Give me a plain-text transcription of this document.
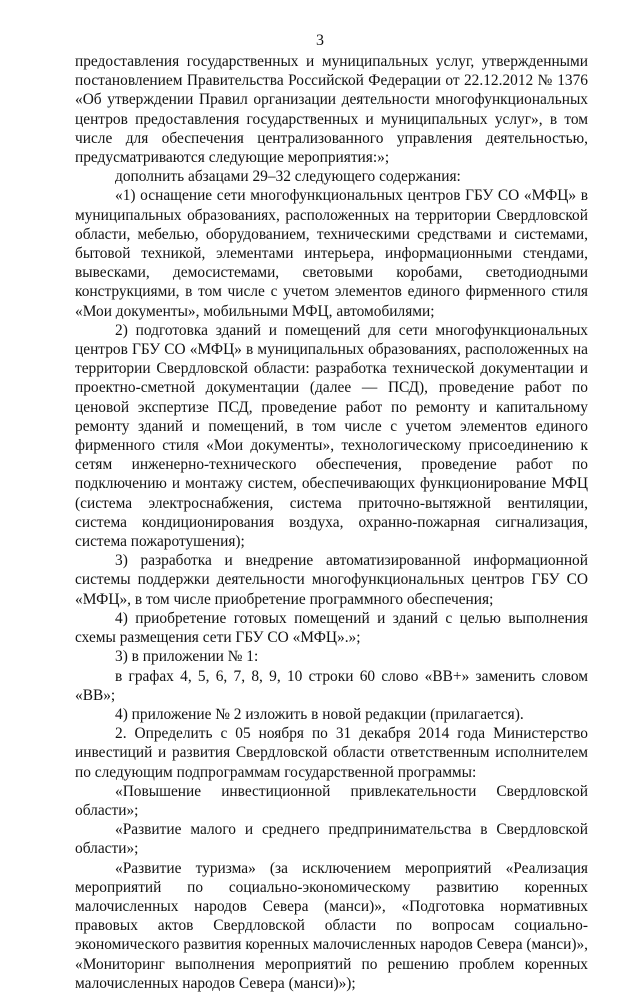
3

предоставления государственных и муниципальных услуг, утвержденными постановлением Правительства Российской Федерации от 22.12.2012 № 1376 «Об утверждении Правил организации деятельности многофункциональных центров предоставления государственных и муниципальных услуг», в том числе для обеспечения централизованного управления деятельностью, предусматриваются следующие мероприятия:»;

дополнить абзацами 29–32 следующего содержания:

«1) оснащение сети многофункциональных центров ГБУ СО «МФЦ» в муниципальных образованиях, расположенных на территории Свердловской области, мебелью, оборудованием, техническими средствами и системами, бытовой техникой, элементами интерьера, информационными стендами, вывесками, демосистемами, световыми коробами, светодиодными конструкциями, в том числе с учетом элементов единого фирменного стиля «Мои документы», мобильными МФЦ, автомобилями;

2) подготовка зданий и помещений для сети многофункциональных центров ГБУ СО «МФЦ» в муниципальных образованиях, расположенных на территории Свердловской области: разработка технической документации и проектно-сметной документации (далее — ПСД), проведение работ по ценовой экспертизе ПСД, проведение работ по ремонту и капитальному ремонту зданий и помещений, в том числе с учетом элементов единого фирменного стиля «Мои документы», технологическому присоединению к сетям инженерно-технического обеспечения, проведение работ по подключению и монтажу систем, обеспечивающих функционирование МФЦ (система электроснабжения, система приточно-вытяжной вентиляции, система кондиционирования воздуха, охранно-пожарная сигнализация, система пожаротушения);

3) разработка и внедрение автоматизированной информационной системы поддержки деятельности многофункциональных центров ГБУ СО «МФЦ», в том числе приобретение программного обеспечения;

4) приобретение готовых помещений и зданий с целью выполнения схемы размещения сети ГБУ СО «МФЦ».»;

3) в приложении № 1:

в графах 4, 5, 6, 7, 8, 9, 10 строки 60 слово «ВВ+» заменить словом «ВВ»;

4) приложение № 2 изложить в новой редакции (прилагается).

2. Определить с 05 ноября по 31 декабря 2014 года Министерство инвестиций и развития Свердловской области ответственным исполнителем по следующим подпрограммам государственной программы:

«Повышение инвестиционной привлекательности Свердловской области»;

«Развитие малого и среднего предпринимательства в Свердловской области»;

«Развитие туризма» (за исключением мероприятий «Реализация мероприятий по социально-экономическому развитию коренных малочисленных народов Севера (манси)», «Подготовка нормативных правовых актов Свердловской области по вопросам социально-экономического развития коренных малочисленных народов Севера (манси)», «Мониторинг выполнения мероприятий по решению проблем коренных малочисленных народов Севера (манси)»);
